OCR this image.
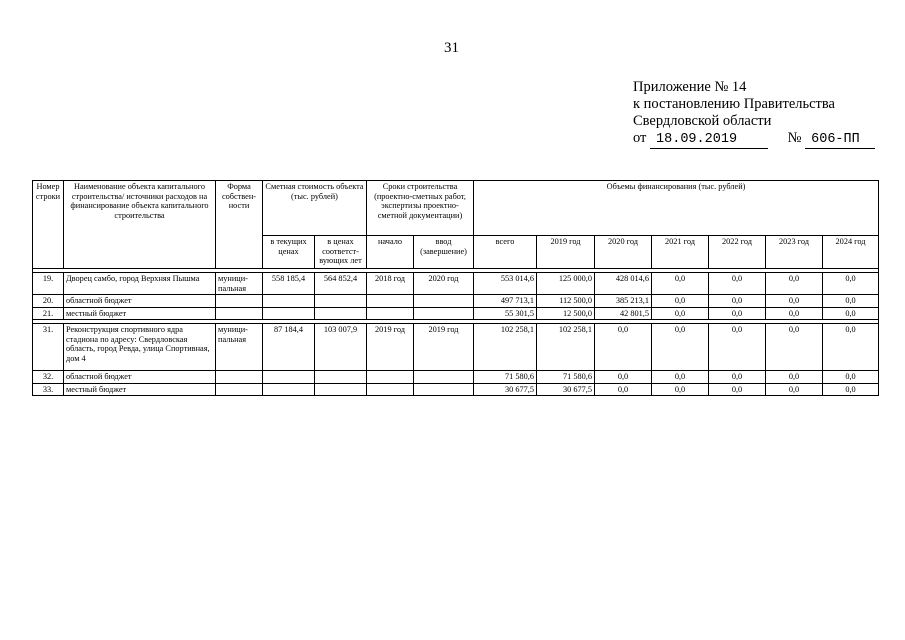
31
Приложение № 14
к постановлению Правительства
Свердловской области
от 18.09.2019	№ 606-ПП
Номер строки	Наименование объекта капитального строительства/ источники расходов на финансирование объекта капитального строительства	Форма собствен-ности	Сметная стоимость объекта (тыс. рублей)		Сроки строительства (проектно-сметных работ, экспертизы проектно-сметной документации)		Объемы финансирования (тыс. рублей)						
			в текущих ценах	в ценах соответст-вующих лет	начало	ввод (завершение)	всего	2019 год	2020 год	2021 год	2022 год	2023 год	2024 год

19.	Дворец самбо, город Верхняя Пышма	муници-пальная	558 185,4	564 852,4	2018 год	2020 год	553 014,6	125 000,0	428 014,6	0,0	0,0	0,0	0,0
20.	областной бюджет						497 713,1	112 500,0	385 213,1	0,0	0,0	0,0	0,0
21.	местный бюджет						55 301,5	12 500,0	42 801,5	0,0	0,0	0,0	0,0

31.	Реконструкция спортивного ядра стадиона по адресу: Свердловская область, город Ревда, улица Спортивная, дом 4	муници-пальная	87 184,4	103 007,9	2019 год	2019 год	102 258,1	102 258,1	0,0	0,0	0,0	0,0	0,0
32.	областной бюджет						71 580,6	71 580,6	0,0	0,0	0,0	0,0	0,0
33.	местный бюджет						30 677,5	30 677,5	0,0	0,0	0,0	0,0	0,0
